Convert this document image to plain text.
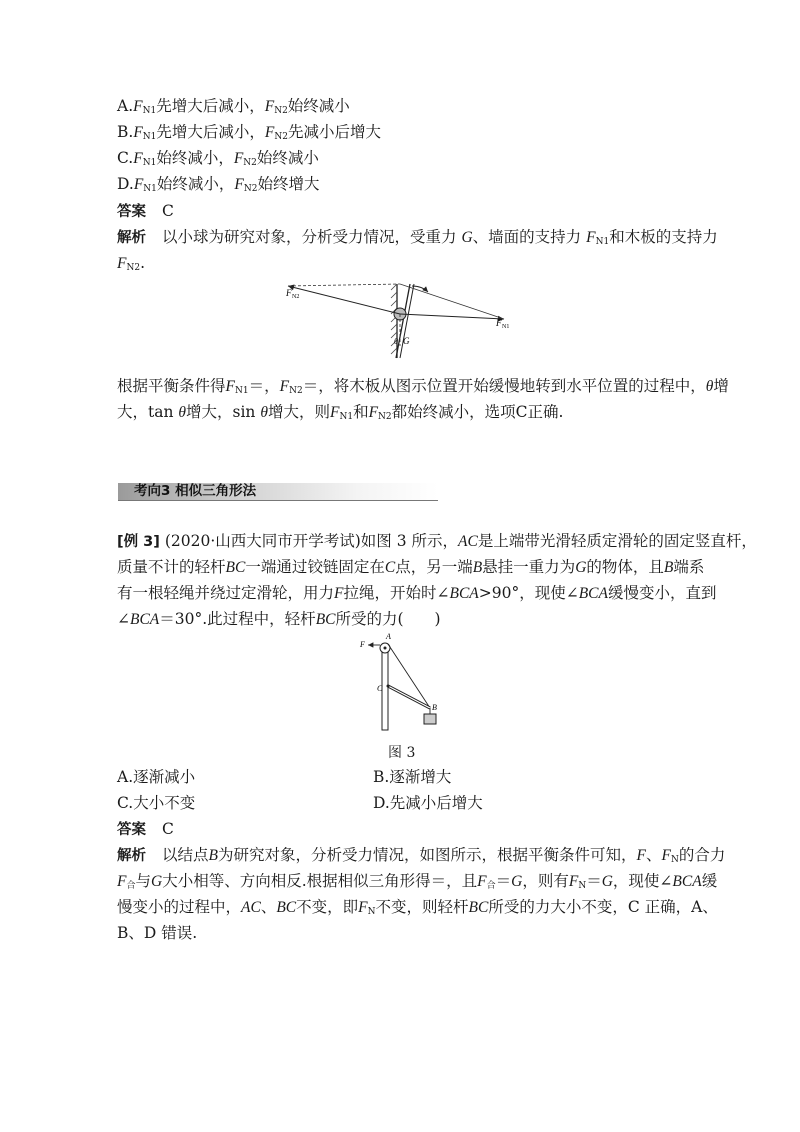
$A.F_{N1}$先增大后减小，$F_{N2}$始终减小
$B.F_{N1}$先增大后减小，$F_{N2}$先减小后增大
$C.F_{N1}$始终减小，$F_{N2}$始终减小
$D.F_{N1}$始终减小，$F_{N2}$始终增大
答案 C
解析 以小球为研究对象，分析受力情况，受重力 G、墙面的支持力 $F_{N1}$和木板的支持力
$F_{N2}$.
F N2
F N1
θ G
根据平衡条件得$F_{N1}=$，$F_{N2}=$，将木板从图示位置开始缓慢地转到水平位置的过程中，θ增
大，tan θ增大，sin θ增大，则$F_{N1}$和$F_{N2}$都始终减小，选项C正确.
考向3 相似三角形法
[例 3] (2020·山西大同市开学考试)如图 3 所示，AC是上端带光滑轻质定滑轮的固定竖直杆，
质量不计的轻杆BC一端通过铰链固定在C点，另一端B悬挂一重力为G的物体，且B端系
有一根轻绳并绕过定滑轮，用力F拉绳，开始时∠BCA>90°，现使∠BCA缓慢变小，直到
∠BCA＝30°.此过程中，轻杆BC所受的力(　　)
F
A
C
B
图 3
A.逐渐减小	B.逐渐增大
C.大小不变	D.先减小后增大
答案 C
解析 以结点B为研究对象，分析受力情况，如图所示，根据平衡条件可知，F、$F_N$的合力
$F_合$与G大小相等、方向相反.根据相似三角形得＝，且$F_合=G$，则有$F_N=G$，现使∠BCA缓
慢变小的过程中，AC、BC不变，即$F_N$不变，则轻杆BC所受的力大小不变，C 正确，A、
B、D 错误.
